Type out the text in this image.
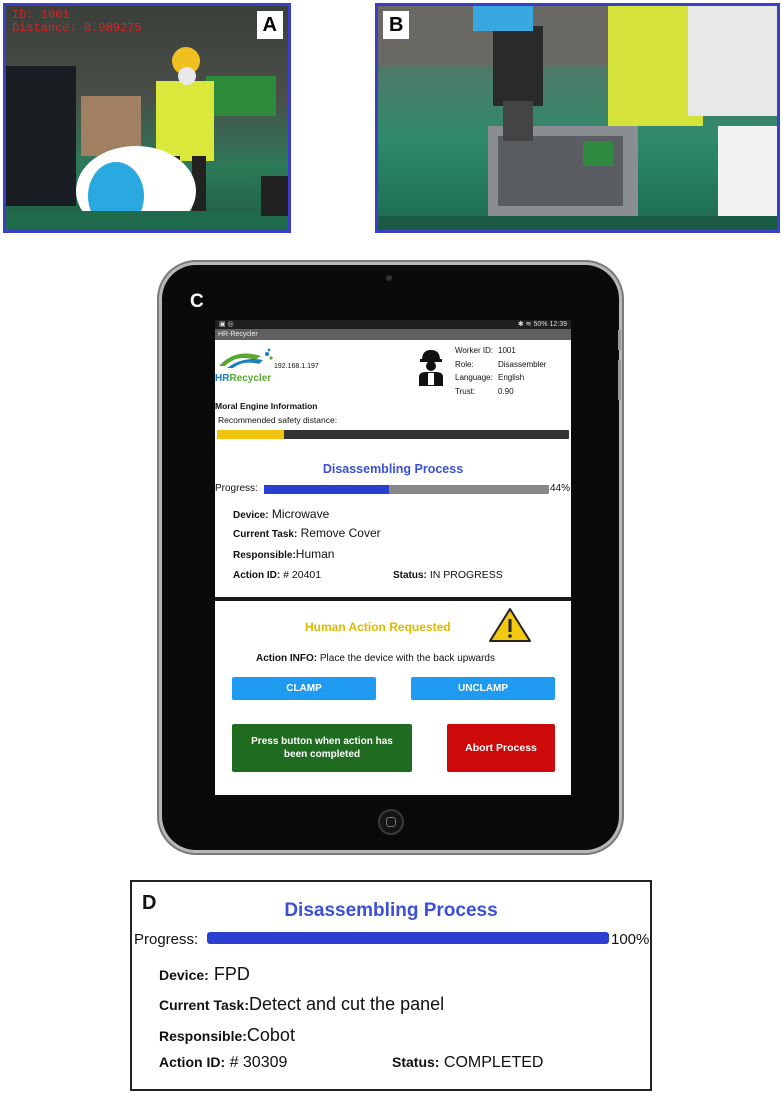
ID: 1001
Distance: 0.989275	A	B
C
▣ ◎	✱ ≋ 50% 12:39
HR-Recycler
HRRecycler
192.168.1.197
Worker ID: 1001
Role:	Disassembler
Language: English
Trust:	0.90
Moral Engine Information
Recommended safety distance:
Disassembling Process
Progress:	44%
Device: Microwave
Current Task: Remove Cover
Responsible:Human
Action ID: # 20401	Status: IN PROGRESS
Human Action Requested
Action INFO: Place the device with the back upwards
CLAMP	UNCLAMP
Press button when action has been completed
Abort Process
D	Disassembling Process
Progress:	100%
Device: FPD
Current Task:Detect and cut the panel
Responsible:Cobot
Action ID: # 30309	Status: COMPLETED
